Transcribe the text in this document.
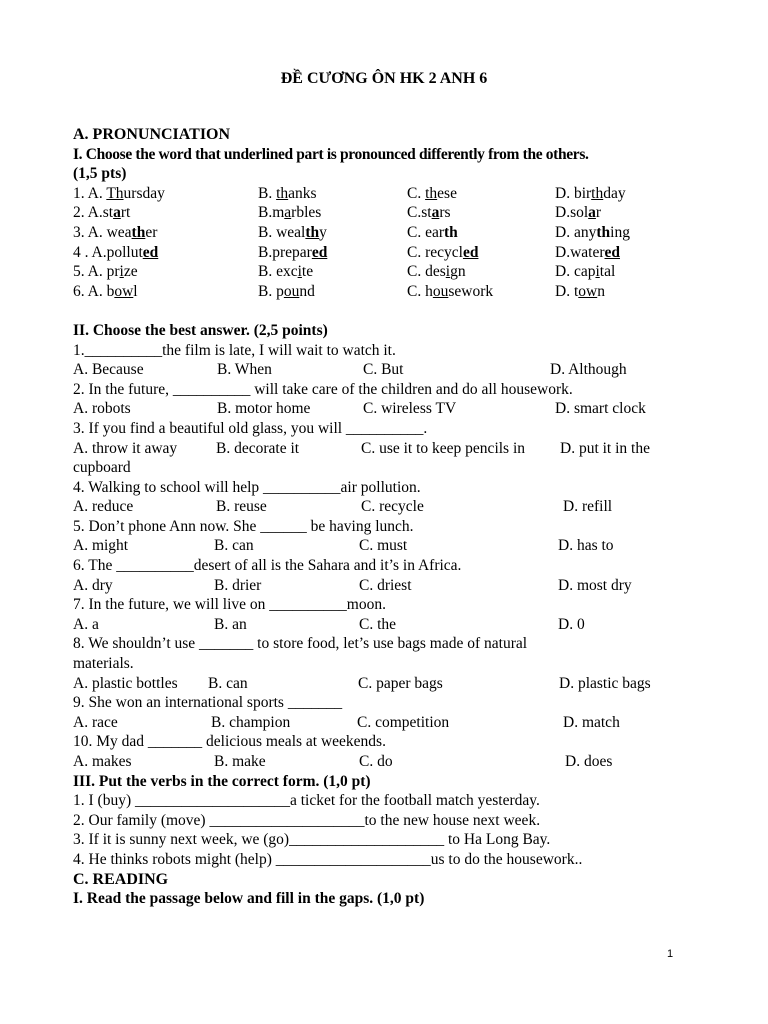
ĐỀ CƯƠNG ÔN HK 2 ANH 6
A. PRONUNCIATION
I. Choose the word that underlined part is pronounced differently from the others.
(1,5 pts)
1. A. Thursday	B. thanks	C. these	D. birthday
2. A.start	B.marbles	C.stars	D.solar
3. A. weather	B. wealthy	C. earth	D. anything
4 . A.polluted	B.prepared	C. recycled	D.watered
5. A. prize	B. excite	C. design	D. capital
6. A. bowl	B. pound	C. housework	D. town
II. Choose the best answer. (2,5 points)
1.__________the film is late, I will wait to watch it.
A. Because	B. When	C. But	D. Although
2. In the future, __________ will take care of the children and do all housework.
A. robots	B. motor home	C. wireless TV	D. smart clock
3. If you find a beautiful old glass, you will __________.
A. throw it away	B. decorate it	C. use it to keep pencils in D. put it in the
cupboard
4. Walking to school will help __________air pollution.
A. reduce	B. reuse	C. recycle	D. refill
5. Don’t phone Ann now. She ______ be having lunch.
A. might	B. can	C. must	D. has to
6. The __________desert of all is the Sahara and it’s in Africa.
A. dry	B. drier	C. driest	D. most dry
7. In the future, we will live on __________moon.
A. a	B. an	C. the	D. 0
8. We shouldn’t use _______ to store food, let’s use bags made of natural
materials.
A. plastic bottles B. can	C. paper bags	D. plastic bags
9. She won an international sports _______
A. race	B. champion	C. competition	D. match
10. My dad _______ delicious meals at weekends.
A. makes	B. make	C. do	D. does
III. Put the verbs in the correct form. (1,0 pt)
1. I (buy) ____________________a ticket for the football match yesterday.
2. Our family (move) ____________________to the new house next week.
3. If it is sunny next week, we (go)____________________ to Ha Long Bay.
4. He thinks robots might (help) ____________________us to do the housework..
C. READING
I. Read the passage below and fill in the gaps. (1,0 pt)
1
